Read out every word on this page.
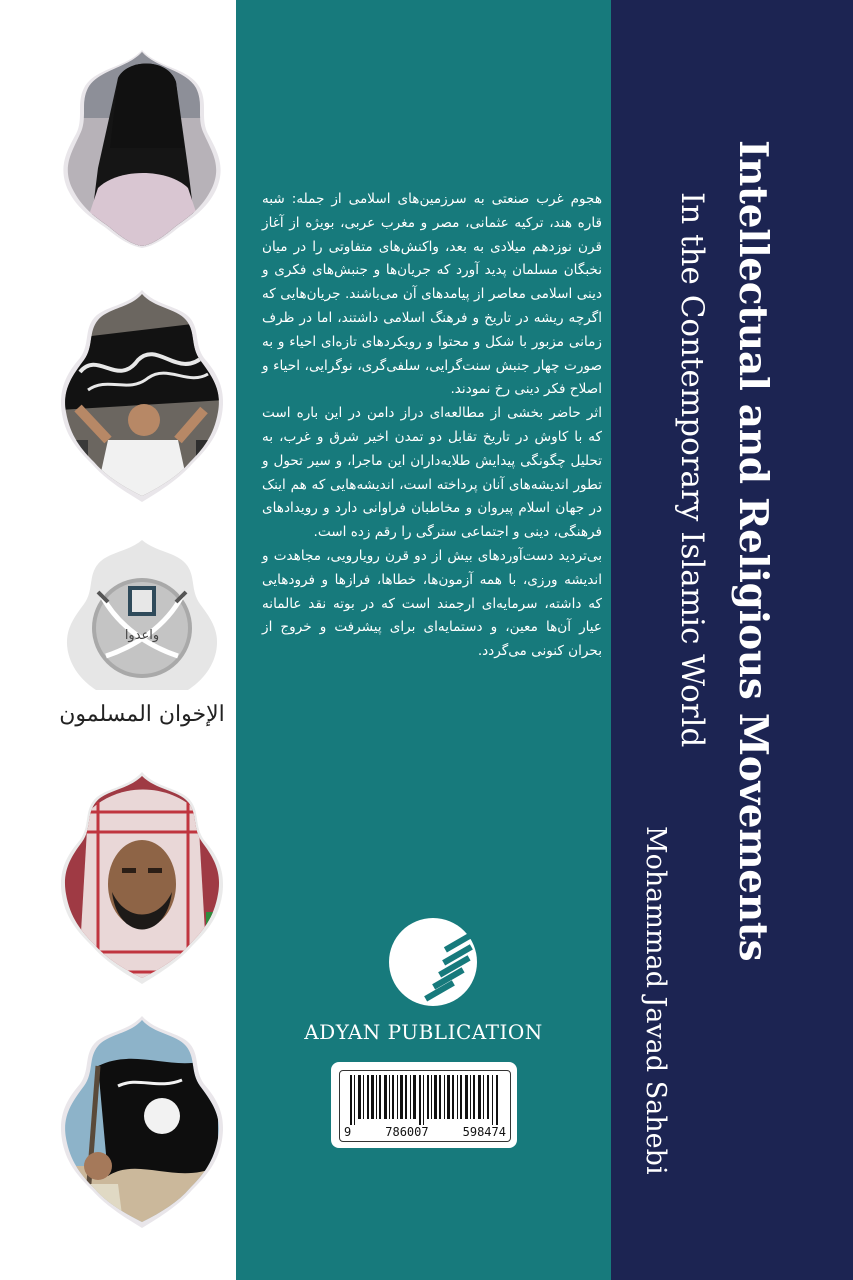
واعدوا
الإخوان المسلمون

هجوم غرب صنعتی به سرزمین‌های اسلامی از جمله: شبه قاره هند، ترکیه عثمانی، مصر و مغرب عربی، بویژه از آغاز قرن نوزدهم میلادی به بعد، واکنش‌های متفاوتی را در میان نخبگان مسلمان پدید آورد که جریان‌ها و جنبش‌های فکری و دینی اسلامی معاصر از پیامدهای آن می‌باشند. جریان‌هایی که اگرچه ریشه در تاریخ و فرهنگ اسلامی داشتند، اما در ظرف زمانی مزبور با شکل و محتوا و رویکردهای تازه‌ای احیاء و به صورت چهار جنبش سنت‌گرایی، سلفی‌گری، نوگرایی، احیاء و اصلاح فکر دینی رخ نمودند.

اثر حاضر بخشی از مطالعه‌ای دراز دامن در این باره است که با کاوش در تاریخ تقابل دو تمدن اخیر شرق و غرب، به تحلیل چگونگی پیدایش طلایه‌داران این ماجرا، و سیر تحول و تطور اندیشه‌های آنان پرداخته است، اندیشه‌هایی که هم اینک در جهان اسلام پیروان و مخاطبان فراوانی دارد و رویدادهای فرهنگی، دینی و اجتماعی سترگی را رقم زده است.

بی‌تردید دست‌آوردهای بیش از دو قرن رویارویی، مجاهدت و اندیشه ورزی، با همه آزمون‌ها، خطاها، فرازها و فرودهایی که داشته، سرمایه‌ای ارجمند است که در بوته نقد عالمانه عیار آن‌ها معین، و دستمایه‌ای برای پیشرفت و خروج از بحران کنونی می‌گردد.

ADYAN PUBLICATION
9	786007	598474
Intellectual and Religious Movements
In the Contemporary Islamic World
Mohammad Javad Sahebi
